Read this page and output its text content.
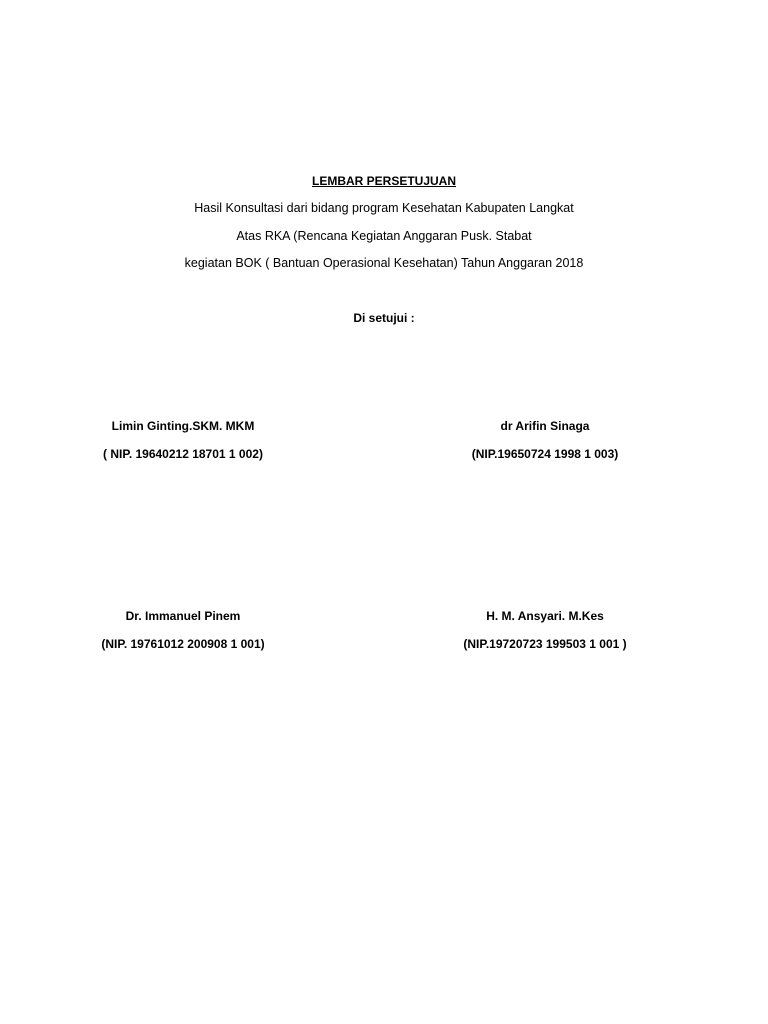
LEMBAR PERSETUJUAN
Hasil Konsultasi dari bidang program Kesehatan Kabupaten Langkat
Atas RKA (Rencana Kegiatan Anggaran Pusk. Stabat
kegiatan BOK ( Bantuan Operasional Kesehatan) Tahun Anggaran 2018
Di setujui :
Limin Ginting.SKM. MKM
( NIP. 19640212 18701 1 002)
dr Arifin Sinaga
(NIP.19650724 1998 1 003)
Dr. Immanuel Pinem
(NIP. 19761012 200908 1 001)
H. M. Ansyari. M.Kes
(NIP.19720723 199503 1 001 )
